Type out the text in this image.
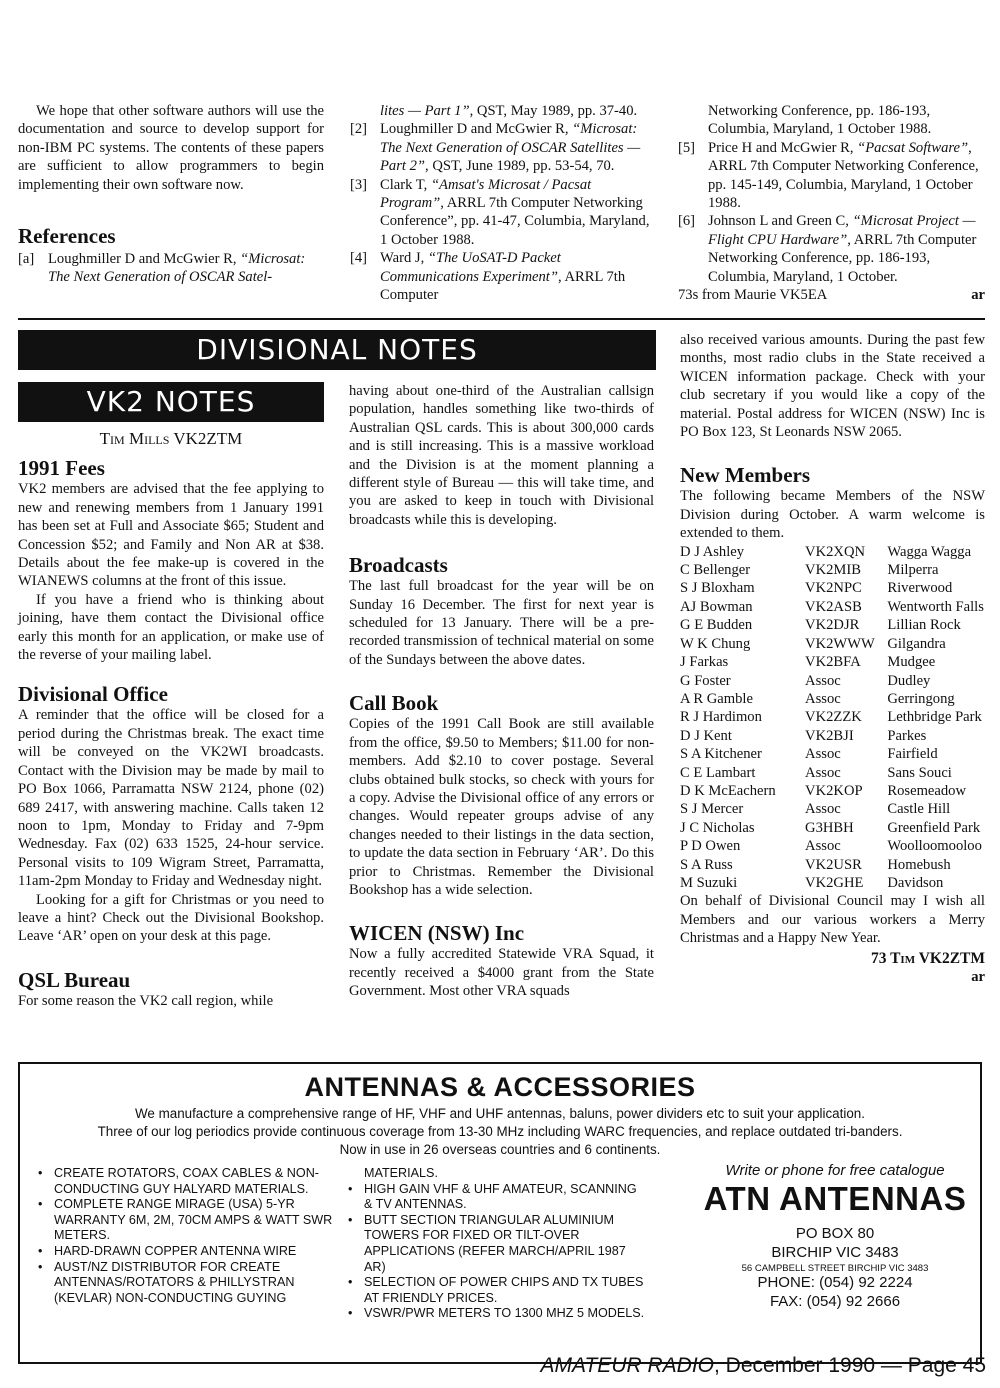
We hope that other software authors will use the documentation and source to develop support for non-IBM PC systems. The contents of these papers are sufficient to allow programmers to begin implementing their own software now.

References
[a] Loughmiller D and McGwier R, “Microsat: The Next Generation of OSCAR Satel-
lites — Part 1”, QST, May 1989, pp. 37-40.
[2] Loughmiller D and McGwier R, “Microsat: The Next Generation of OSCAR Satellites — Part 2”, QST, June 1989, pp. 53-54, 70.
[3] Clark T, “Amsat's Microsat / Pacsat Program”, ARRL 7th Computer Networking Conference”, pp. 41-47, Columbia, Maryland, 1 October 1988.
[4] Ward J, “The UoSAT-D Packet Communications Experiment”, ARRL 7th Computer
Networking Conference, pp. 186-193, Columbia, Maryland, 1 October 1988.
[5] Price H and McGwier R, “Pacsat Software”, ARRL 7th Computer Networking Conference, pp. 145-149, Columbia, Maryland, 1 October 1988.
[6] Johnson L and Green C, “Microsat Project — Flight CPU Hardware”, ARRL 7th Computer Networking Conference, pp. 186-193, Columbia, Maryland, 1 October.
73s from Maurie VK5EA	ar
DIVISIONAL NOTES
VK2 NOTES
Tim Mills VK2ZTM
1991 Fees

VK2 members are advised that the fee applying to new and renewing members from 1 January 1991 has been set at Full and Associate $65; Student and Concession $52; and Family and Non AR at $38. Details about the fee make-up is covered in the WIANEWS columns at the front of this issue.

If you have a friend who is thinking about joining, have them contact the Divisional office early this month for an application, or make use of the reverse of your mailing label.

Divisional Office

A reminder that the office will be closed for a period during the Christmas break. The exact time will be conveyed on the VK2WI broadcasts. Contact with the Division may be made by mail to PO Box 1066, Parramatta NSW 2124, phone (02) 689 2417, with answering machine. Calls taken 12 noon to 1pm, Monday to Friday and 7-9pm Wednesday. Fax (02) 633 1525, 24-hour service. Personal visits to 109 Wigram Street, Parramatta, 11am-2pm Monday to Friday and Wednesday night.

Looking for a gift for Christmas or you need to leave a hint? Check out the Divisional Bookshop. Leave ‘AR’ open on your desk at this page.

QSL Bureau

For some reason the VK2 call region, while

having about one-third of the Australian callsign population, handles something like two-thirds of Australian QSL cards. This is about 300,000 cards and is still increasing. This is a massive workload and the Division is at the moment planning a different style of Bureau — this will take time, and you are asked to keep in touch with Divisional broadcasts while this is developing.

Broadcasts

The last full broadcast for the year will be on Sunday 16 December. The first for next year is scheduled for 13 January. There will be a pre-recorded transmission of technical material on some of the Sundays between the above dates.

Call Book

Copies of the 1991 Call Book are still available from the office, $9.50 to Members; $11.00 for non-members. Add $2.10 to cover postage. Several clubs obtained bulk stocks, so check with yours for a copy. Advise the Divisional office of any errors or changes. Would repeater groups advise of any changes needed to their listings in the data section, to update the data section in February ‘AR’. Do this prior to Christmas. Remember the Divisional Bookshop has a wide selection.

WICEN (NSW) Inc

Now a fully accredited Statewide VRA Squad, it recently received a $4000 grant from the State Government. Most other VRA squads

also received various amounts. During the past few months, most radio clubs in the State received a WICEN information package. Check with your club secretary if you would like a copy of the material. Postal address for WICEN (NSW) Inc is PO Box 123, St Leonards NSW 2065.

New Members

The following became Members of the NSW Division during October. A warm welcome is extended to them.

D J Ashley	VK2XQN	Wagga Wagga
C Bellenger	VK2MIB	Milperra
S J Bloxham	VK2NPC	Riverwood
AJ Bowman	VK2ASB	Wentworth Falls
G E Budden	VK2DJR	Lillian Rock
W K Chung	VK2WWW	Gilgandra
J Farkas	VK2BFA	Mudgee
G Foster	Assoc	Dudley
A R Gamble	Assoc	Gerringong
R J Hardimon	VK2ZZK	Lethbridge Park
D J Kent	VK2BJI	Parkes
S A Kitchener	Assoc	Fairfield
C E Lambart	Assoc	Sans Souci
D K McEachern	VK2KOP	Rosemeadow
S J Mercer	Assoc	Castle Hill
J C Nicholas	G3HBH	Greenfield Park
P D Owen	Assoc	Woolloomooloo
S A Russ	VK2USR	Homebush
M Suzuki	VK2GHE	Davidson

On behalf of Divisional Council may I wish all Members and our various workers a Merry Christmas and a Happy New Year.

73 Tim VK2ZTM
ar
ANTENNAS & ACCESSORIES
We manufacture a comprehensive range of HF, VHF and UHF antennas, baluns, power dividers etc to suit your application.
Three of our log periodics provide continuous coverage from 13-30 MHz including WARC frequencies, and replace outdated tri-banders.
Now in use in 26 overseas countries and 6 continents.
• CREATE ROTATORS, COAX CABLES & NON-CONDUCTING GUY HALYARD MATERIALS.
• COMPLETE RANGE MIRAGE (USA) 5-YR WARRANTY 6M, 2M, 70CM AMPS & WATT SWR METERS.
• HARD-DRAWN COPPER ANTENNA WIRE
• AUST/NZ DISTRIBUTOR FOR CREATE ANTENNAS/ROTATORS & PHILLYSTRAN (KEVLAR) NON-CONDUCTING GUYING
MATERIALS.
• HIGH GAIN VHF & UHF AMATEUR, SCANNING & TV ANTENNAS.
• BUTT SECTION TRIANGULAR ALUMINIUM TOWERS FOR FIXED OR TILT-OVER APPLICATIONS (REFER MARCH/APRIL 1987 AR)
• SELECTION OF POWER CHIPS AND TX TUBES AT FRIENDLY PRICES.
• VSWR/PWR METERS TO 1300 MHZ 5 MODELS.
Write or phone for free catalogue
ATN ANTENNAS
PO BOX 80
BIRCHIP VIC 3483
56 CAMPBELL STREET BIRCHIP VIC 3483
PHONE: (054) 92 2224
FAX: (054) 92 2666
AMATEUR RADIO, December 1990 — Page 45
